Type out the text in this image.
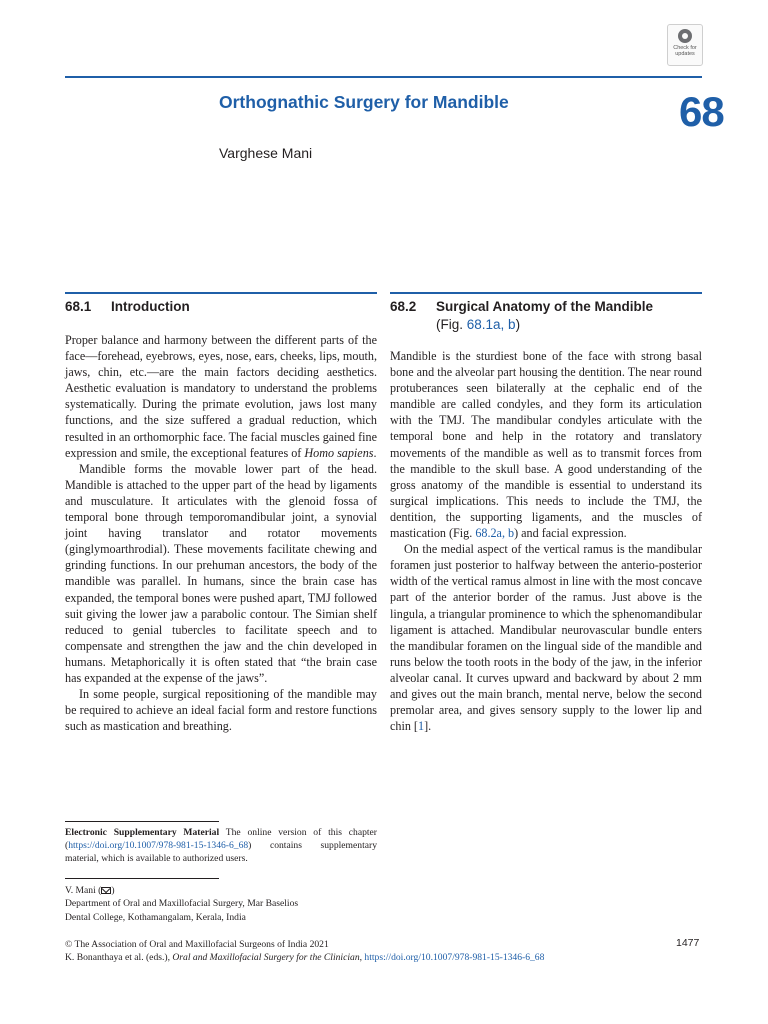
Check for
updates
Orthognathic Surgery for Mandible	68
Varghese Mani
68.1 Introduction

Proper balance and harmony between the different parts of the face—forehead, eyebrows, eyes, nose, ears, cheeks, lips, mouth, jaws, chin, etc.—are the main factors deciding aesthetics. Aesthetic evaluation is mandatory to understand the problems systematically. During the primate evolution, jaws lost many functions, and the size suffered a gradual reduction, which resulted in an orthomorphic face. The facial muscles gained fine expression and smile, the exceptional features of Homo sapiens.

Mandible forms the movable lower part of the head. Mandible is attached to the upper part of the head by ligaments and musculature. It articulates with the glenoid fossa of temporal bone through temporomandibular joint, a synovial joint having translator and rotator movements (ginglymoarthrodial). These movements facilitate chewing and grinding functions. In our prehuman ancestors, the body of the mandible was parallel. In humans, since the brain case has expanded, the temporal bones were pushed apart, TMJ followed suit giving the lower jaw a parabolic contour. The Simian shelf reduced to genial tubercles to facilitate speech and to compensate and strengthen the jaw and the chin developed in humans. Metaphorically it is often stated that “the brain case has expanded at the expense of the jaws”.

In some people, surgical repositioning of the mandible may be required to achieve an ideal facial form and restore functions such as mastication and breathing.

68.2 Surgical Anatomy of the Mandible
(Fig. 68.1a, b)

Mandible is the sturdiest bone of the face with strong basal bone and the alveolar part housing the dentition. The near round protuberances seen bilaterally at the cephalic end of the mandible are called condyles, and they form its articulation with the TMJ. The mandibular condyles articulate with the temporal bone and help in the rotatory and translatory movements of the mandible as well as to transmit forces from the mandible to the skull base. A good understanding of the gross anatomy of the mandible is essential to understand its surgical implications. This needs to include the TMJ, the dentition, the supporting ligaments, and the muscles of mastication (Fig. 68.2a, b) and facial expression.

On the medial aspect of the vertical ramus is the mandibular foramen just posterior to halfway between the anterio-posterior width of the vertical ramus almost in line with the most concave part of the anterior border of the ramus. Just above is the lingula, a triangular prominence to which the sphenomandibular ligament is attached. Mandibular neurovascular bundle enters the mandibular foramen on the lingual side of the mandible and runs below the tooth roots in the body of the jaw, in the inferior alveolar canal. It curves upward and backward by about 2 mm and gives out the main branch, mental nerve, below the second premolar area, and gives sensory supply to the lower lip and chin [1].

Electronic Supplementary Material The online version of this chapter (https://doi.org/10.1007/978-981-15-1346-6_68) contains supplementary material, which is available to authorized users.
V. Mani ( )
Department of Oral and Maxillofacial Surgery, Mar Baselios
Dental College, Kothamangalam, Kerala, India
© The Association of Oral and Maxillofacial Surgeons of India 2021
K. Bonanthaya et al. (eds.), Oral and Maxillofacial Surgery for the Clinician, https://doi.org/10.1007/978-981-15-1346-6_68
1477
